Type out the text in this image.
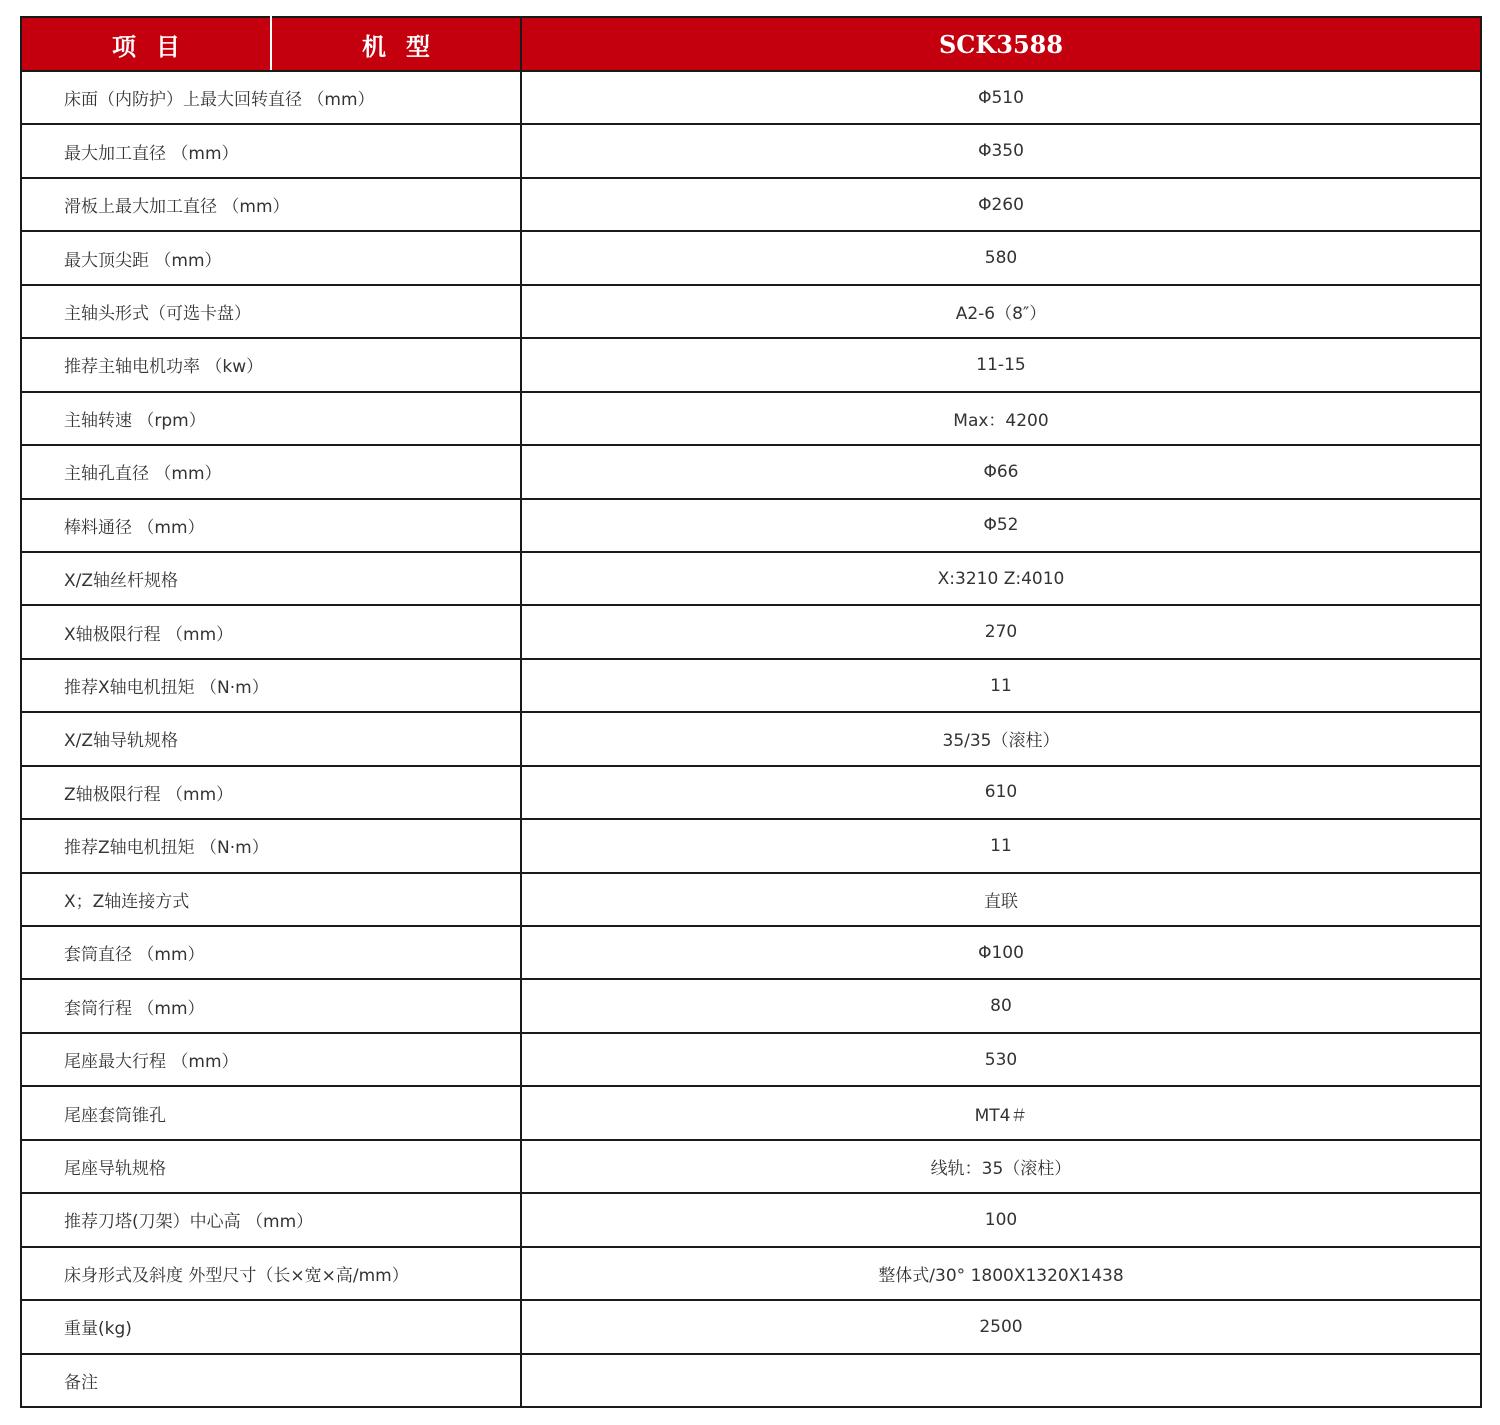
项目	机型	SCK3588
床面（内防护）上最大回转直径 （mm）		Φ510
最大加工直径 （mm）		Φ350
滑板上最大加工直径 （mm）		Φ260
最大顶尖距 （mm）		580
主轴头形式（可选卡盘）		A2-6（8″）
推荐主轴电机功率 （kw）		11-15
主轴转速 （rpm）		Max：4200
主轴孔直径 （mm）		Φ66
棒料通径 （mm）		Φ52
X/Z轴丝杆规格		X:3210 Z:4010
X轴极限行程 （mm）		270
推荐X轴电机扭矩 （N·m）		11
X/Z轴导轨规格		35/35（滚柱）
Z轴极限行程 （mm）		610
推荐Z轴电机扭矩 （N·m）		11
X；Z轴连接方式		直联
套筒直径 （mm）		Φ100
套筒行程 （mm）		80
尾座最大行程 （mm）		530
尾座套筒锥孔		MT4＃
尾座导轨规格		线轨：35（滚柱）
推荐刀塔(刀架）中心高 （mm）		100
床身形式及斜度 外型尺寸（长×宽×高/mm）		整体式/30° 1800X1320X1438
重量(kg)		2500
备注		
